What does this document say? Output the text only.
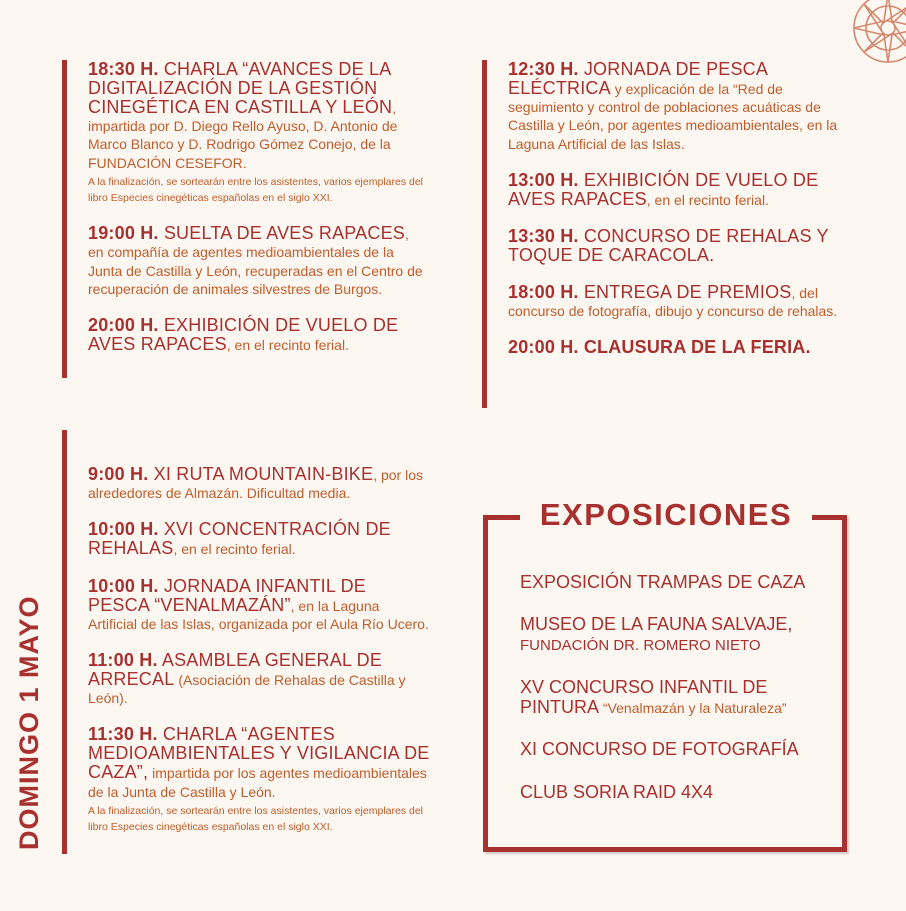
18:30 H. CHARLA “AVANCES DE LA DIGITALIZACIÓN DE LA GESTIÓN CINEGÉTICA EN CASTILLA Y LEÓN, impartida por D. Diego Rello Ayuso, D. Antonio de Marco Blanco y D. Rodrigo Gómez Conejo, de la FUNDACIÓN CESEFOR.
A la finalización, se sortearán entre los asistentes, varios ejemplares del libro Especies cinegéticas españolas en el siglo XXI.
19:00 H. SUELTA DE AVES RAPACES, en compañía de agentes medioambientales de la Junta de Castilla y León, recuperadas en el Centro de recuperación de animales silvestres de Burgos.
20:00 H. EXHIBICIÓN DE VUELO DE AVES RAPACES, en el recinto ferial.
12:30 H. JORNADA DE PESCA ELÉCTRICA y explicación de la “Red de seguimiento y control de poblaciones acuáticas de Castilla y León, por agentes medioambientales, en la Laguna Artificial de las Islas.
13:00 H. EXHIBICIÓN DE VUELO DE AVES RAPACES, en el recinto ferial.
13:30 H. CONCURSO DE REHALAS Y TOQUE DE CARACOLA.
18:00 H. ENTREGA DE PREMIOS, del concurso de fotografía, dibujo y concurso de rehalas.
20:00 H. CLAUSURA DE LA FERIA.
DOMINGO 1 MAYO
9:00 H. XI RUTA MOUNTAIN-BIKE, por los alrededores de Almazán. Dificultad media.
10:00 H. XVI CONCENTRACIÓN DE REHALAS, en el recinto ferial.
10:00 H. JORNADA INFANTIL DE PESCA “VENALMAZÁN”, en la Laguna Artificial de las Islas, organizada por el Aula Río Ucero.
11:00 H. ASAMBLEA GENERAL DE ARRECAL (Asociación de Rehalas de Castilla y León).
11:30 H. CHARLA “AGENTES MEDIOAMBIENTALES Y VIGILANCIA DE CAZA”, impartida por los agentes medioambientales de la Junta de Castilla y León.
A la finalización, se sortearán entre los asistentes, varios ejemplares del libro Especies cinegéticas españolas en el siglo XXI.
EXPOSICIONES
EXPOSICIÓN TRAMPAS DE CAZA
MUSEO DE LA FAUNA SALVAJE,
FUNDACIÓN DR. ROMERO NIETO
XV CONCURSO INFANTIL DE PINTURA “Venalmazán y la Naturaleza”
XI CONCURSO DE FOTOGRAFÍA
CLUB SORIA RAID 4X4
